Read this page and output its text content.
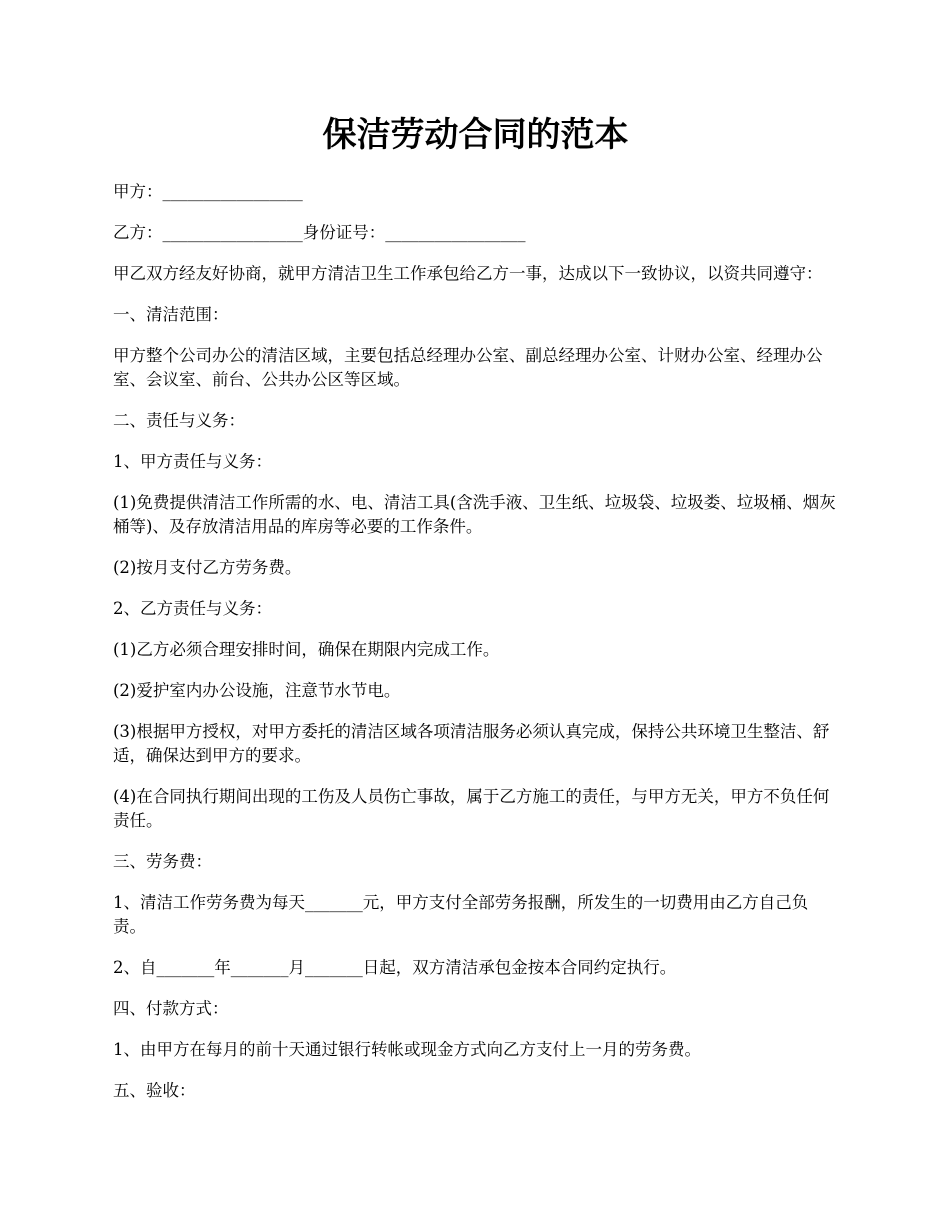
保洁劳动合同的范本

甲方：_________________

乙方：_________________身份证号：_________________

甲乙双方经友好协商，就甲方清洁卫生工作承包给乙方一事，达成以下一致协议，以资共同遵守：

一、清洁范围：

甲方整个公司办公的清洁区域，主要包括总经理办公室、副总经理办公室、计财办公室、经理办公室、会议室、前台、公共办公区等区域。

二、责任与义务：

1、甲方责任与义务：

(1)免费提供清洁工作所需的水、电、清洁工具(含洗手液、卫生纸、垃圾袋、垃圾娄、垃圾桶、烟灰桶等)、及存放清洁用品的库房等必要的工作条件。

(2)按月支付乙方劳务费。

2、乙方责任与义务：

(1)乙方必须合理安排时间，确保在期限内完成工作。

(2)爱护室内办公设施，注意节水节电。

(3)根据甲方授权，对甲方委托的清洁区域各项清洁服务必须认真完成，保持公共环境卫生整洁、舒适，确保达到甲方的要求。

(4)在合同执行期间出现的工伤及人员伤亡事故，属于乙方施工的责任，与甲方无关，甲方不负任何责任。

三、劳务费：

1、清洁工作劳务费为每天_______元，甲方支付全部劳务报酬，所发生的一切费用由乙方自己负责。

2、自_______年_______月_______日起，双方清洁承包金按本合同约定执行。

四、付款方式：

1、由甲方在每月的前十天通过银行转帐或现金方式向乙方支付上一月的劳务费。

五、验收：
